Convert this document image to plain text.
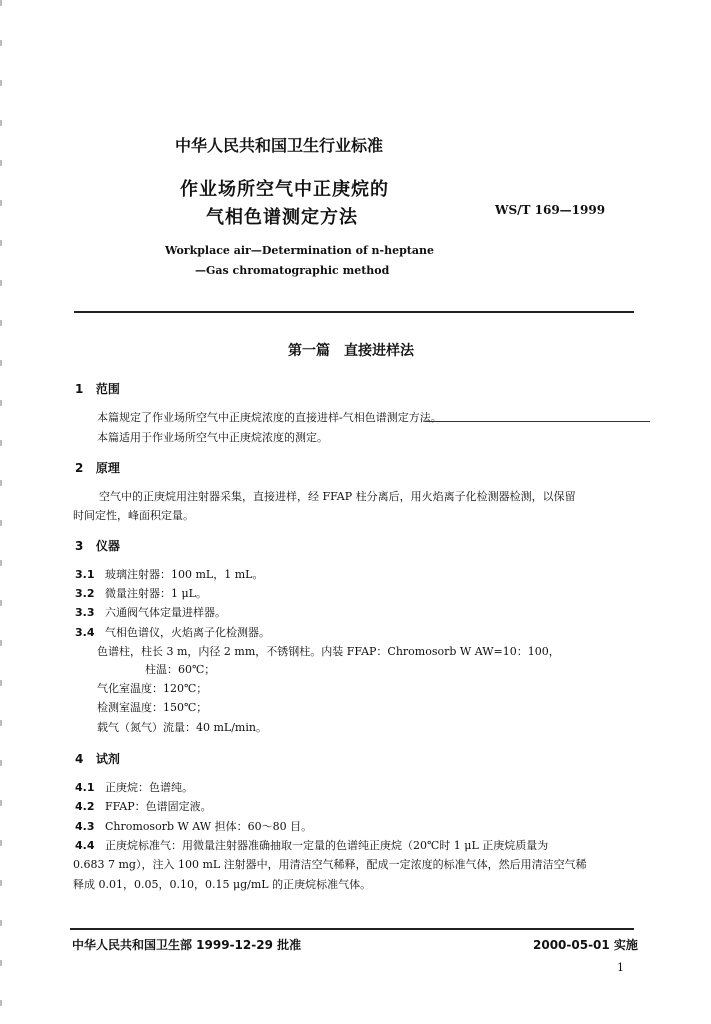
中华人民共和国卫生行业标准
作业场所空气中正庚烷的
气相色谱测定方法	WS/T 169—1999
Workplace air—Determination of n-heptane
—Gas chromatographic method
第一篇　直接进样法
1 范围
本篇规定了作业场所空气中正庚烷浓度的直接进样-气相色谱测定方法。
本篇适用于作业场所空气中正庚烷浓度的测定。
2 原理
空气中的正庚烷用注射器采集，直接进样，经 FFAP 柱分离后，用火焰离子化检测器检测，以保留
时间定性，峰面积定量。
3 仪器
3.1 玻璃注射器：100 mL，1 mL。
3.2 微量注射器：1 μL。
3.3 六通阀气体定量进样器。
3.4 气相色谱仪，火焰离子化检测器。
色谱柱，柱长 3 m，内径 2 mm，不锈钢柱。内装 FFAP：Chromosorb W AW=10：100，
柱温：60℃；
气化室温度：120℃；
检测室温度：150℃；
载气（氮气）流量：40 mL/min。
4 试剂
4.1 正庚烷：色谱纯。
4.2 FFAP：色谱固定液。
4.3 Chromosorb W AW 担体：60～80 目。
4.4 正庚烷标准气：用微量注射器准确抽取一定量的色谱纯正庚烷（20℃时 1 μL 正庚烷质量为
0.683 7 mg），注入 100 mL 注射器中，用清洁空气稀释，配成一定浓度的标准气体，然后用清洁空气稀
释成 0.01，0.05，0.10，0.15 μg/mL 的正庚烷标准气体。
中华人民共和国卫生部 1999-12-29 批准	2000-05-01 实施
1
